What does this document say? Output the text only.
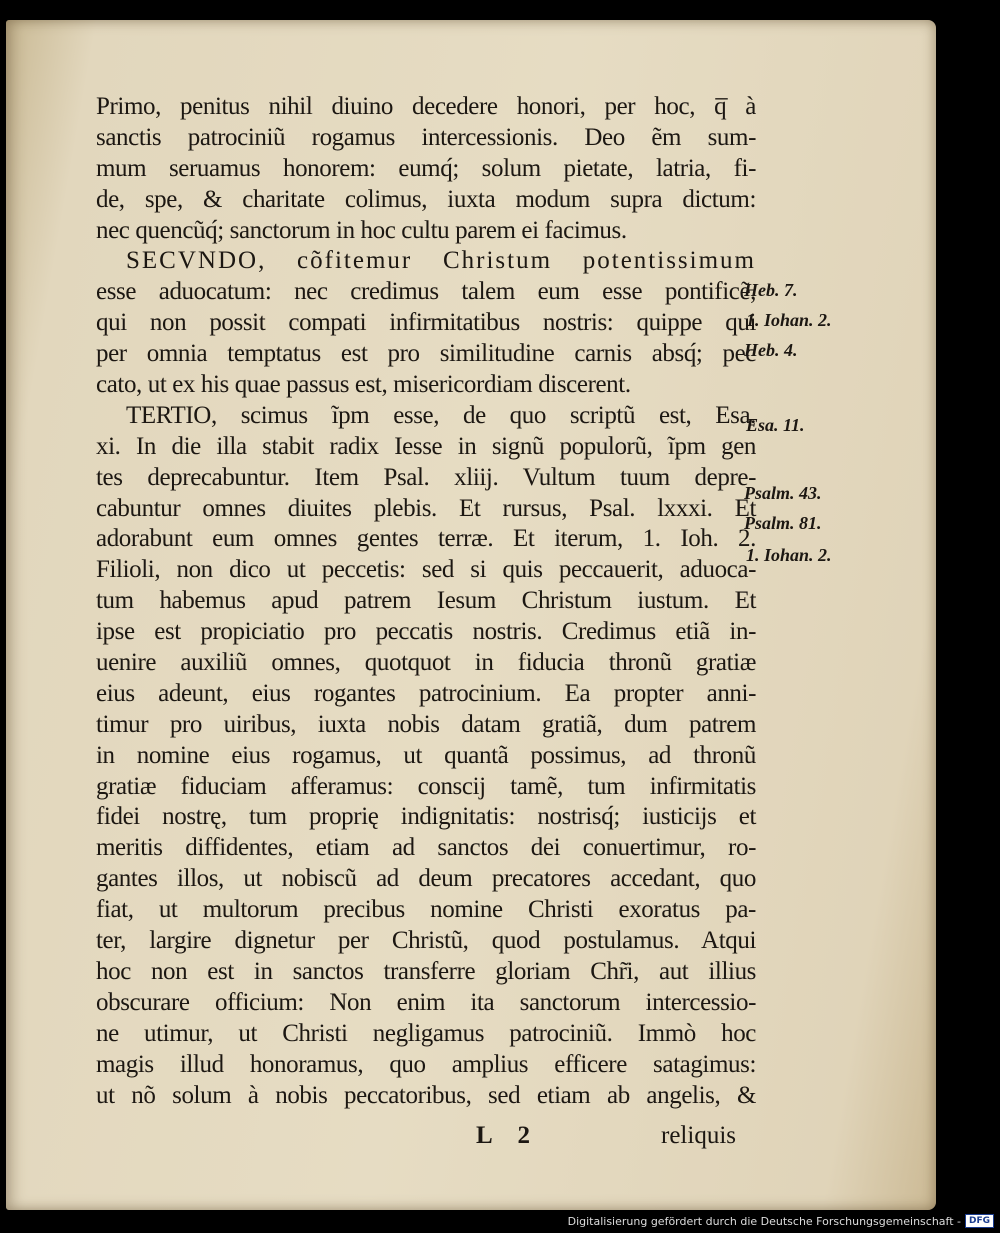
Primo, penitus nihil diuino decedere honori, per hoc, q̅ à
sanctis patrociniũ rogamus intercessionis. Deo ẽm sum‐
mum seruamus honorem: eumq́; solum pietate, latria, fi‐
de, spe, & charitate colimus, iuxta modum supra dictum:
nec quencũq́; sanctorum in hoc cultu parem ei facimus.
SECVNDO, cõfitemur Christum potentissimum
esse aduocatum: nec credimus talem eum esse pontificẽ,
qui non possit compati infirmitatibus nostris: quippe qui
per omnia temptatus est pro similitudine carnis absq́; pec
cato, ut ex his quae passus est, misericordiam discerent.
TERTIO, scimus ĩpm esse, de quo scriptũ est, Esa.
xi. In die illa stabit radix Iesse in signũ populorũ, ĩpm gen
tes deprecabuntur. Item Psal. xliij. Vultum tuum depre‐
cabuntur omnes diuites plebis. Et rursus, Psal. lxxxi. Et
adorabunt eum omnes gentes terræ. Et iterum, 1. Ioh. 2.
Filioli, non dico ut peccetis: sed si quis peccauerit, aduoca‐
tum habemus apud patrem Iesum Christum iustum. Et
ipse est propiciatio pro peccatis nostris. Credimus etiã in‐
uenire auxiliũ omnes, quotquot in fiducia thronũ gratiæ
eius adeunt, eius rogantes patrocinium. Ea propter anni‐
timur pro uiribus, iuxta nobis datam gratiã, dum patrem
in nomine eius rogamus, ut quantã possimus, ad thronũ
gratiæ fiduciam afferamus: conscij tamẽ, tum infirmitatis
fidei nostrę, tum proprię indignitatis: nostrisq́; iusticijs et
meritis diffidentes, etiam ad sanctos dei conuertimur, ro‐
gantes illos, ut nobiscũ ad deum precatores accedant, quo
fiat, ut multorum precibus nomine Christi exoratus pa‐
ter, largire dignetur per Christũ, quod postulamus. Atqui
hoc non est in sanctos transferre gloriam Chr̃i, aut illius
obscurare officium: Non enim ita sanctorum intercessio‐
ne utimur, ut Christi negligamus patrociniũ. Immò hoc
magis illud honoramus, quo amplius efficere satagimus:
ut nõ solum à nobis peccatoribus, sed etiam ab angelis, &
Heb. 7.
1. Iohan. 2.
Heb. 4.
Esa. 11.
Psalm. 43.
Psalm. 81.
1. Iohan. 2.
L 2	reliquis
Digitalisierung gefördert durch die Deutsche Forschungsgemeinschaft - DFG
